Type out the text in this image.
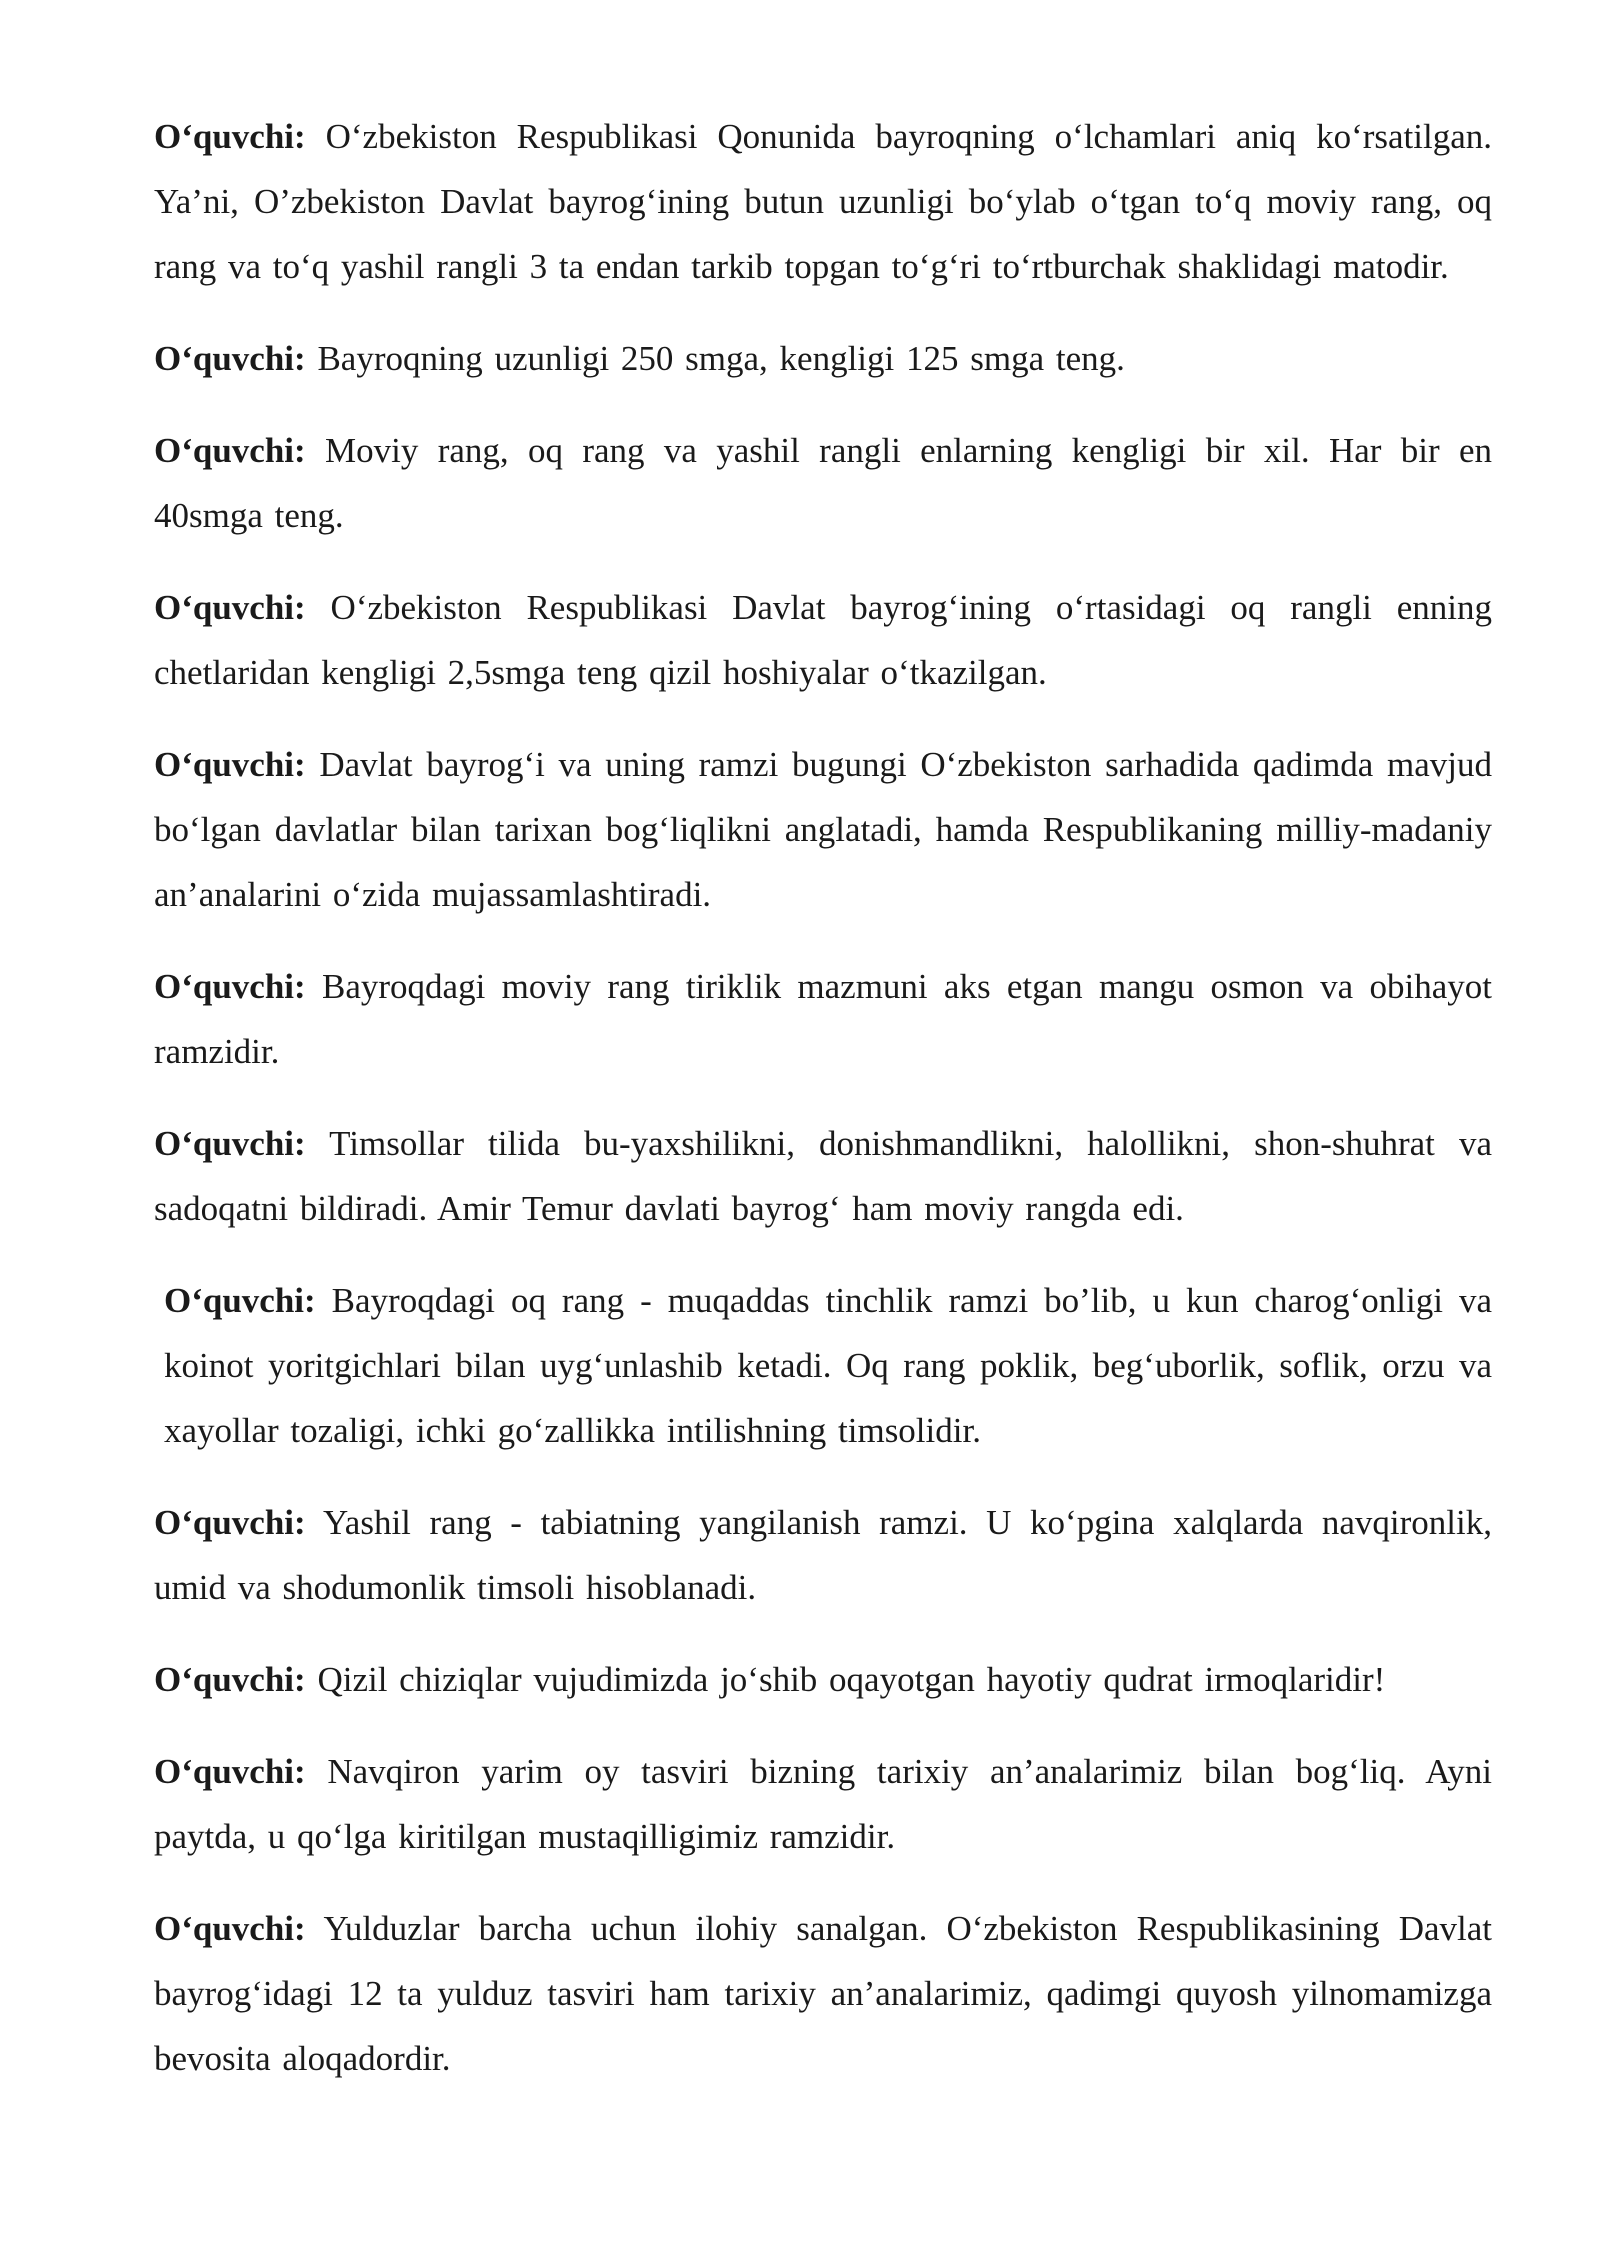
O‘quvchi: O‘zbekiston Respublikasi Qonunida bayroqning o‘lchamlari aniq ko‘rsatilgan. Ya’ni, O’zbekiston Davlat bayrog‘ining butun uzunligi bo‘ylab o‘tgan to‘q moviy rang, oq rang va to‘q yashil rangli 3 ta endan tarkib topgan to‘g‘ri to‘rtburchak shaklidagi matodir.

O‘quvchi: Bayroqning uzunligi 250 smga, kengligi 125 smga teng.

O‘quvchi: Moviy rang, oq rang va yashil rangli enlarning kengligi bir xil. Har bir en 40smga teng.

O‘quvchi: O‘zbekiston Respublikasi Davlat bayrog‘ining o‘rtasidagi oq rangli enning chetlaridan kengligi 2,5smga teng qizil hoshiyalar o‘tkazilgan.

O‘quvchi: Davlat bayrog‘i va uning ramzi bugungi O‘zbekiston sarhadida qadimda mavjud bo‘lgan davlatlar bilan tarixan bog‘liqlikni anglatadi, hamda Respublikaning milliy-madaniy an’analarini o‘zida mujassamlashtiradi.

O‘quvchi: Bayroqdagi moviy rang tiriklik mazmuni aks etgan mangu osmon va obihayot ramzidir.

O‘quvchi: Timsollar tilida bu-yaxshilikni, donishmandlikni, halollikni, shon-shuhrat va sadoqatni bildiradi. Amir Temur davlati bayrog‘ ham moviy rangda edi.

O‘quvchi: Bayroqdagi oq rang - muqaddas tinchlik ramzi bo’lib, u kun charog‘onligi va koinot yoritgichlari bilan uyg‘unlashib ketadi. Oq rang poklik, beg‘uborlik, soflik, orzu va xayollar tozaligi, ichki go‘zallikka intilishning timsolidir.

O‘quvchi: Yashil rang - tabiatning yangilanish ramzi. U ko‘pgina xalqlarda navqironlik, umid va shodumonlik timsoli hisoblanadi.

O‘quvchi: Qizil chiziqlar vujudimizda jo‘shib oqayotgan hayotiy qudrat irmoqlaridir!

O‘quvchi: Navqiron yarim oy tasviri bizning tarixiy an’analarimiz bilan bog‘liq. Ayni paytda, u qo‘lga kiritilgan mustaqilligimiz ramzidir.

O‘quvchi: Yulduzlar barcha uchun ilohiy sanalgan. O‘zbekiston Respublikasining Davlat bayrog‘idagi 12 ta yulduz tasviri ham tarixiy an’analarimiz, qadimgi quyosh yilnomamizga bevosita aloqadordir.
